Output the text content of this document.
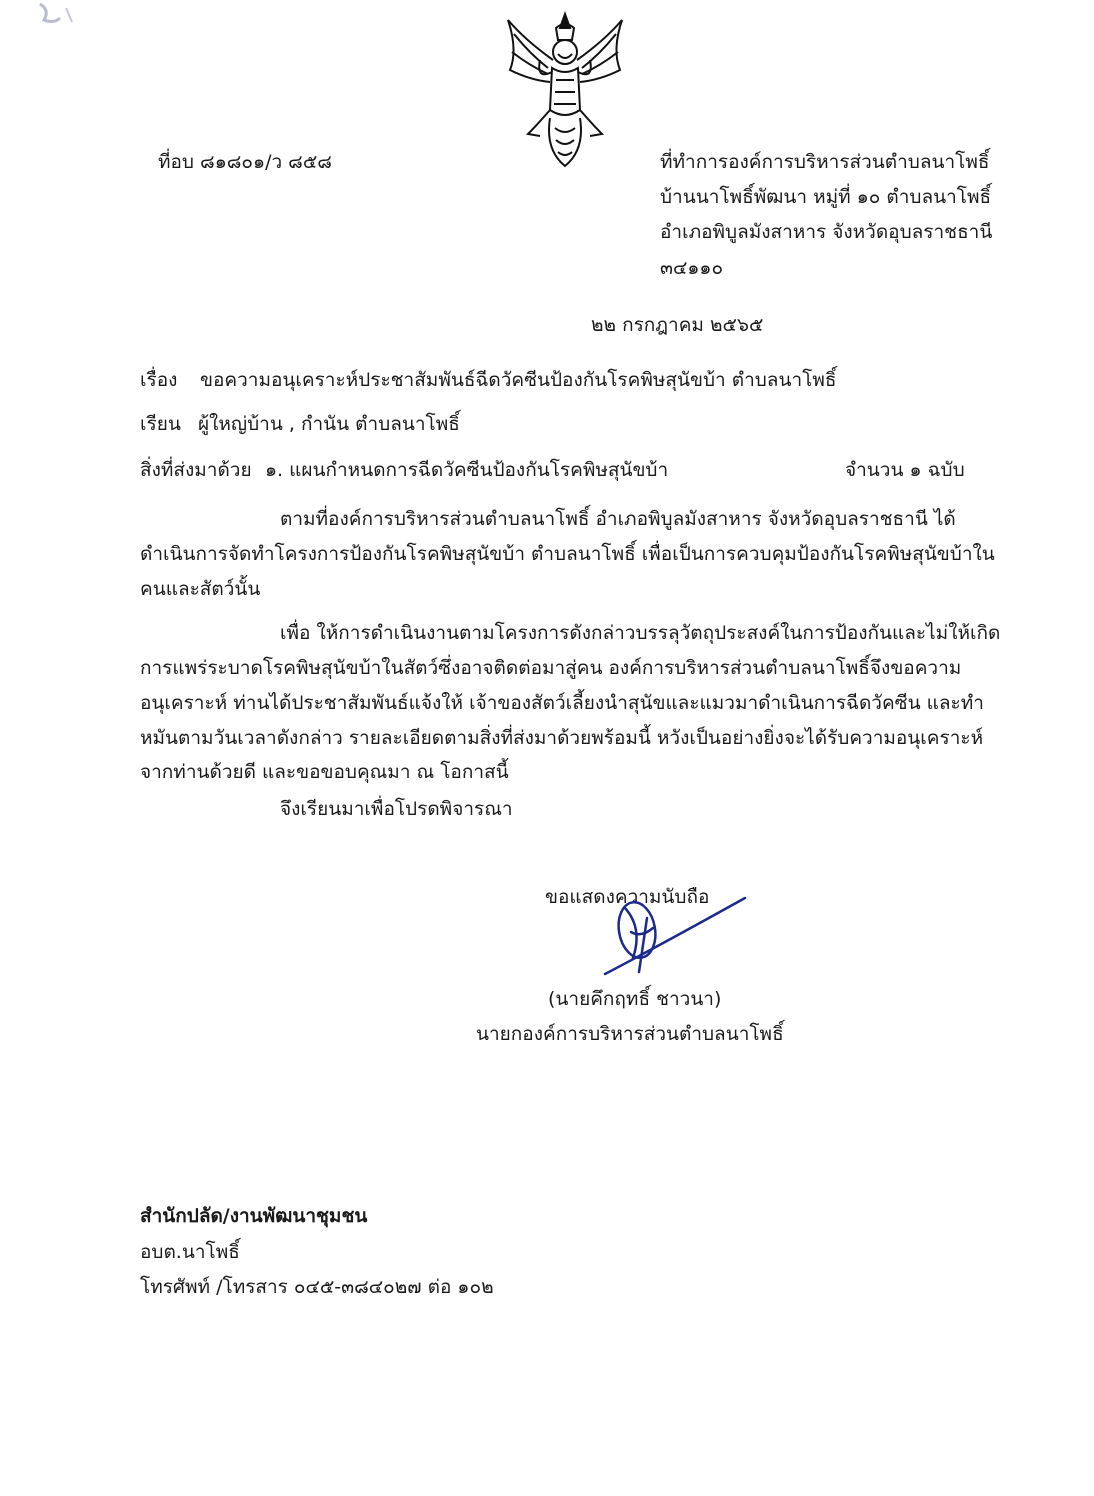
ที่อบ ๘๑๘๐๑/ว ๘๕๘	ที่ทำการองค์การบริหารส่วนตำบลนาโพธิ์
บ้านนาโพธิ์พัฒนา หมู่ที่ ๑๐ ตำบลนาโพธิ์
อำเภอพิบูลมังสาหาร จังหวัดอุบลราชธานี
๓๔๑๑๐
๒๒ กรกฎาคม ๒๕๖๕
เรื่อง ขอความอนุเคราะห์ประชาสัมพันธ์ฉีดวัคซีนป้องกันโรคพิษสุนัขบ้า ตำบลนาโพธิ์
เรียน ผู้ใหญ่บ้าน , กำนัน ตำบลนาโพธิ์
สิ่งที่ส่งมาด้วย ๑. แผนกำหนดการฉีดวัคซีนป้องกันโรคพิษสุนัขบ้า	จำนวน ๑ ฉบับ
ตามที่องค์การบริหารส่วนตำบลนาโพธิ์ อำเภอพิบูลมังสาหาร จังหวัดอุบลราชธานี ได้
ดำเนินการจัดทำโครงการป้องกันโรคพิษสุนัขบ้า ตำบลนาโพธิ์ เพื่อเป็นการควบคุมป้องกันโรคพิษสุนัขบ้าใน
คนและสัตว์นั้น
เพื่อ ให้การดำเนินงานตามโครงการดังกล่าวบรรลุวัตถุประสงค์ในการป้องกันและไม่ให้เกิด
การแพร่ระบาดโรคพิษสุนัขบ้าในสัตว์ซึ่งอาจติดต่อมาสู่คน องค์การบริหารส่วนตำบลนาโพธิ์จึงขอความ
อนุเคราะห์ ท่านได้ประชาสัมพันธ์แจ้งให้ เจ้าของสัตว์เลี้ยงนำสุนัขและแมวมาดำเนินการฉีดวัคซีน และทำ
หมันตามวันเวลาดังกล่าว รายละเอียดตามสิ่งที่ส่งมาด้วยพร้อมนี้ หวังเป็นอย่างยิ่งจะได้รับความอนุเคราะห์
จากท่านด้วยดี และขอขอบคุณมา ณ โอกาสนี้
จึงเรียนมาเพื่อโปรดพิจารณา
ขอแสดงความนับถือ
(นายคึกฤทธิ์ ชาวนา)
นายกองค์การบริหารส่วนตำบลนาโพธิ์
สำนักปลัด/งานพัฒนาชุมชน
อบต.นาโพธิ์
โทรศัพท์ /โทรสาร ๐๔๕-๓๘๔๐๒๗ ต่อ ๑๐๒
